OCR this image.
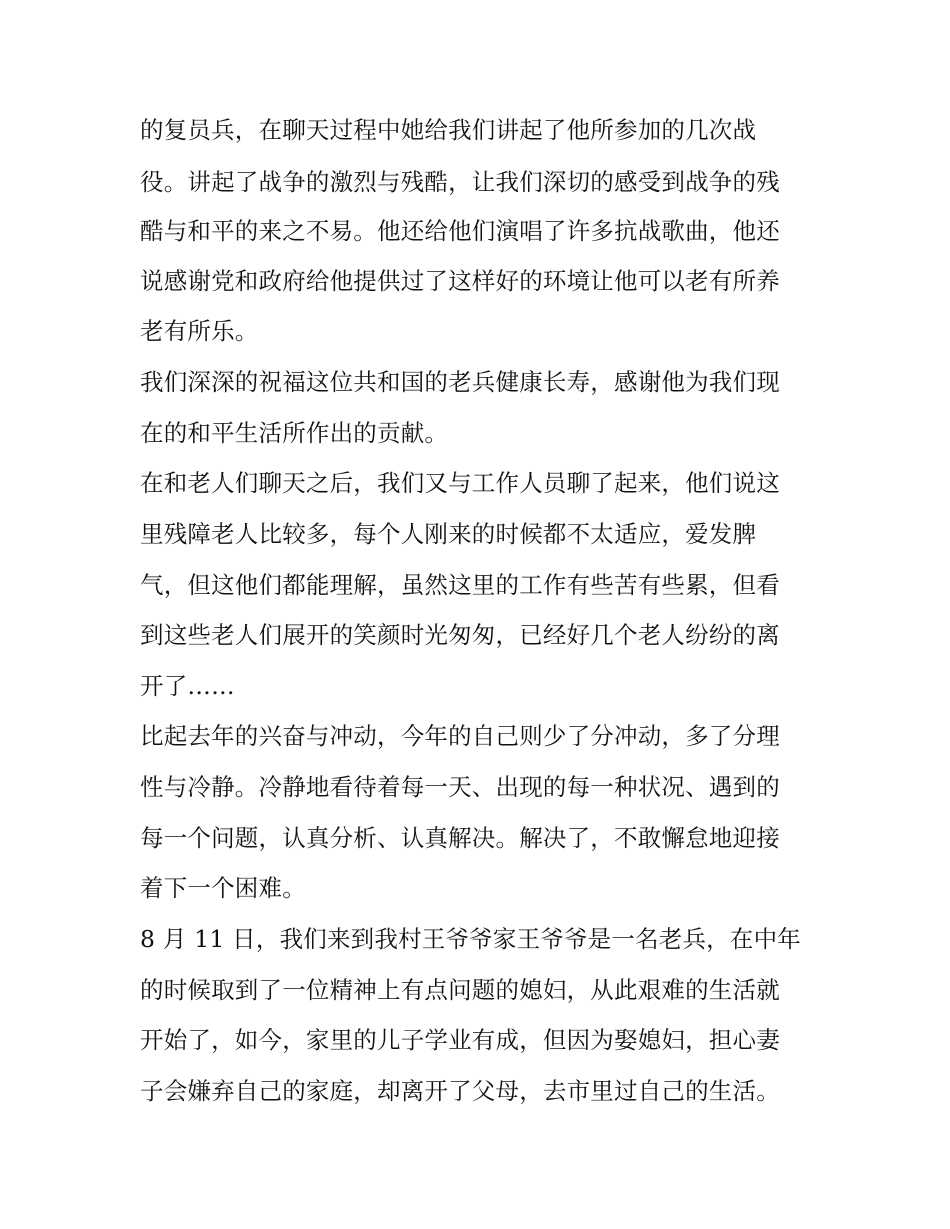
的复员兵，在聊天过程中她给我们讲起了他所参加的几次战
役。讲起了战争的激烈与残酷，让我们深切的感受到战争的残
酷与和平的来之不易。他还给他们演唱了许多抗战歌曲，他还
说感谢党和政府给他提供过了这样好的环境让他可以老有所养
老有所乐。
我们深深的祝福这位共和国的老兵健康长寿，感谢他为我们现
在的和平生活所作出的贡献。
在和老人们聊天之后，我们又与工作人员聊了起来，他们说这
里残障老人比较多，每个人刚来的时候都不太适应，爱发脾
气，但这他们都能理解，虽然这里的工作有些苦有些累，但看
到这些老人们展开的笑颜时光匆匆，已经好几个老人纷纷的离
开了……
比起去年的兴奋与冲动，今年的自己则少了分冲动，多了分理
性与冷静。冷静地看待着每一天、出现的每一种状况、遇到的
每一个问题，认真分析、认真解决。解决了，不敢懈怠地迎接
着下一个困难。
8 月 11 日，我们来到我村王爷爷家王爷爷是一名老兵，在中年
的时候取到了一位精神上有点问题的媳妇，从此艰难的生活就
开始了，如今，家里的儿子学业有成，但因为娶媳妇，担心妻
子会嫌弃自己的家庭，却离开了父母，去市里过自己的生活。
